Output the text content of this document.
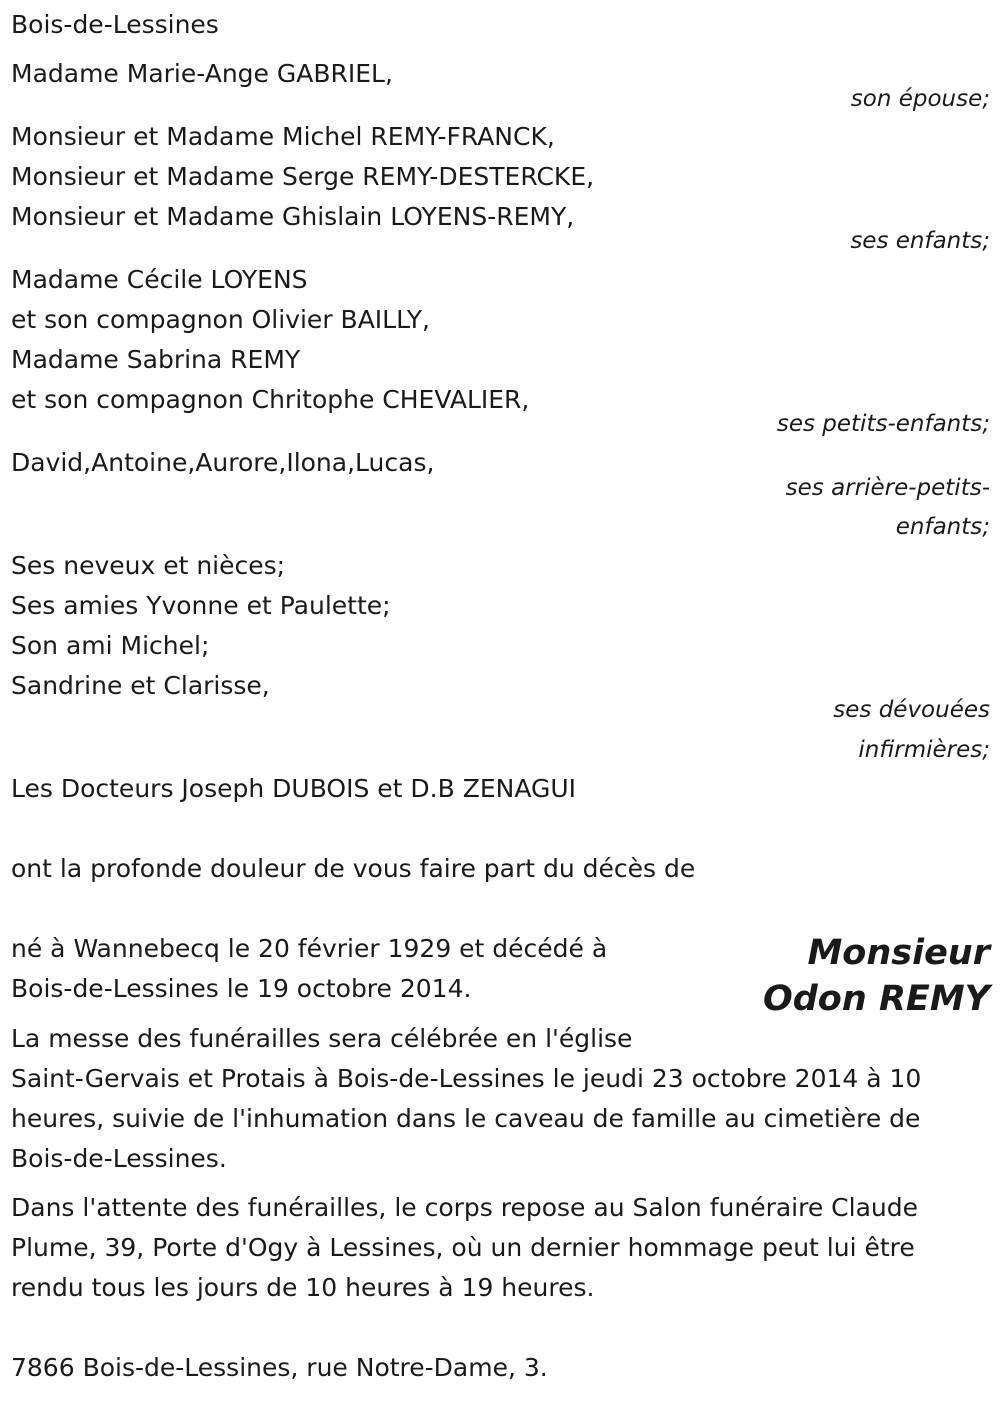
Bois-de-Lessines

Madame Marie-Ange GABRIEL,

son épouse;

Monsieur et Madame Michel REMY-FRANCK,

Monsieur et Madame Serge REMY-DESTERCKE,

Monsieur et Madame Ghislain LOYENS-REMY,

ses enfants;

Madame Cécile LOYENS

et son compagnon Olivier BAILLY,

Madame Sabrina REMY

et son compagnon Chritophe CHEVALIER,

ses petits-enfants;

David,Antoine,Aurore,Ilona,Lucas,

ses arrière-petits-
enfants;

Ses neveux et nièces;

Ses amies Yvonne et Paulette;

Son ami Michel;

Sandrine et Clarisse,

ses dévouées
infirmières;

Les Docteurs Joseph DUBOIS et D.B ZENAGUI

ont la profonde douleur de vous faire part du décès de

Monsieur
Odon REMY

né à Wannebecq le 20 février 1929 et décédé à

Bois-de-Lessines le 19 octobre 2014.

La messe des funérailles sera célébrée en l'église

Saint-Gervais et Protais à Bois-de-Lessines le jeudi 23 octobre 2014 à 10

heures, suivie de l'inhumation dans le caveau de famille au cimetière de

Bois-de-Lessines.

Dans l'attente des funérailles, le corps repose au Salon funéraire Claude

Plume, 39, Porte d'Ogy à Lessines, où un dernier hommage peut lui être

rendu tous les jours de 10 heures à 19 heures.

7866 Bois-de-Lessines, rue Notre-Dame, 3.
